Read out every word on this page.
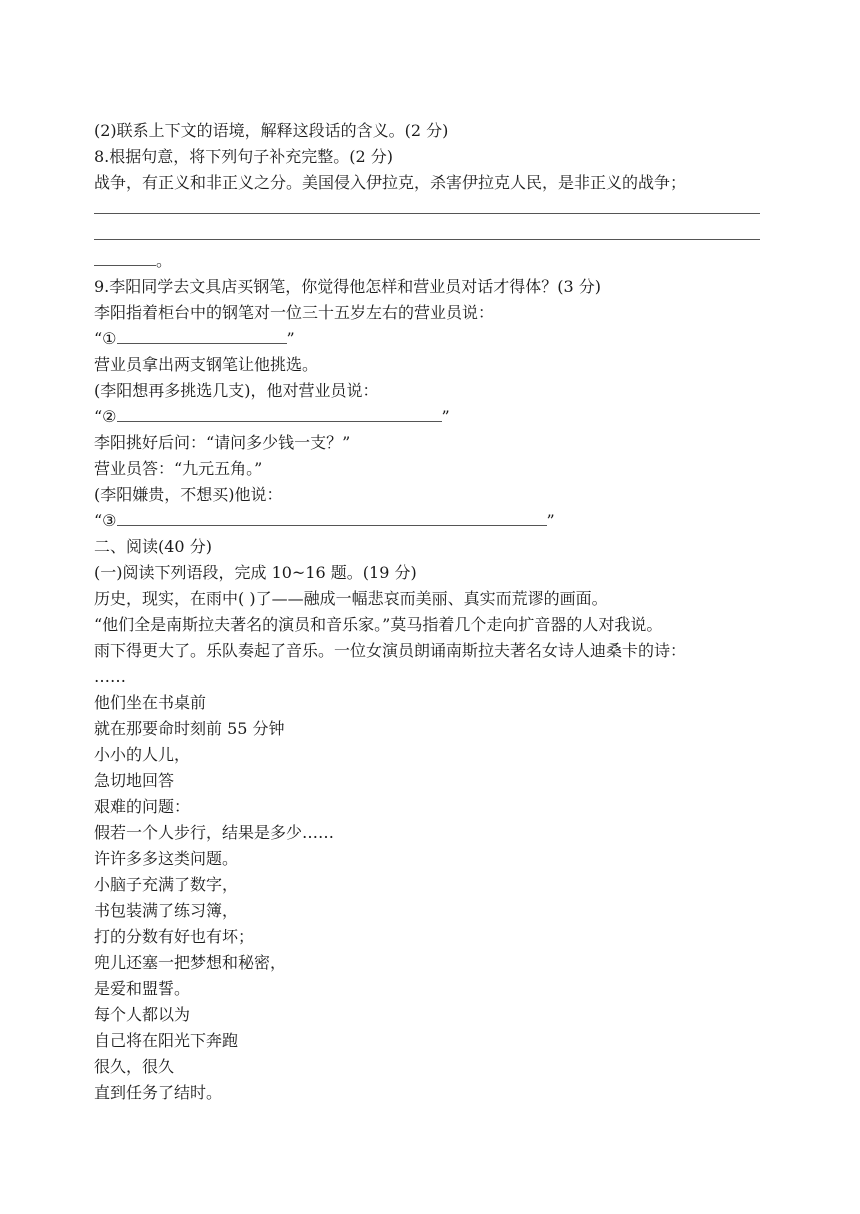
(2)联系上下文的语境，解释这段话的含义。(2 分)
8.根据句意，将下列句子补充完整。(2 分)
战争，有正义和非正义之分。美国侵入伊拉克，杀害伊拉克人民，是非正义的战争；
。
9.李阳同学去文具店买钢笔，你觉得他怎样和营业员对话才得体？(3 分)
李阳指着柜台中的钢笔对一位三十五岁左右的营业员说：
“①	”
营业员拿出两支钢笔让他挑选。
(李阳想再多挑选几支)，他对营业员说：
“②	”
李阳挑好后问：“请问多少钱一支？”
营业员答：“九元五角。”
(李阳嫌贵，不想买)他说：
“③	”
二、阅读(40 分)
(一)阅读下列语段，完成 10~16 题。(19 分)
历史，现实，在雨中( )了——融成一幅悲哀而美丽、真实而荒谬的画面。
“他们全是南斯拉夫著名的演员和音乐家。”莫马指着几个走向扩音器的人对我说。
雨下得更大了。乐队奏起了音乐。一位女演员朗诵南斯拉夫著名女诗人迪桑卡的诗：
……
他们坐在书桌前
就在那要命时刻前 55 分钟
小小的人儿，
急切地回答
艰难的问题：
假若一个人步行，结果是多少……
许许多多这类问题。
小脑子充满了数字，
书包装满了练习簿，
打的分数有好也有坏；
兜儿还塞一把梦想和秘密，
是爱和盟誓。
每个人都以为
自己将在阳光下奔跑
很久，很久
直到任务了结时。
